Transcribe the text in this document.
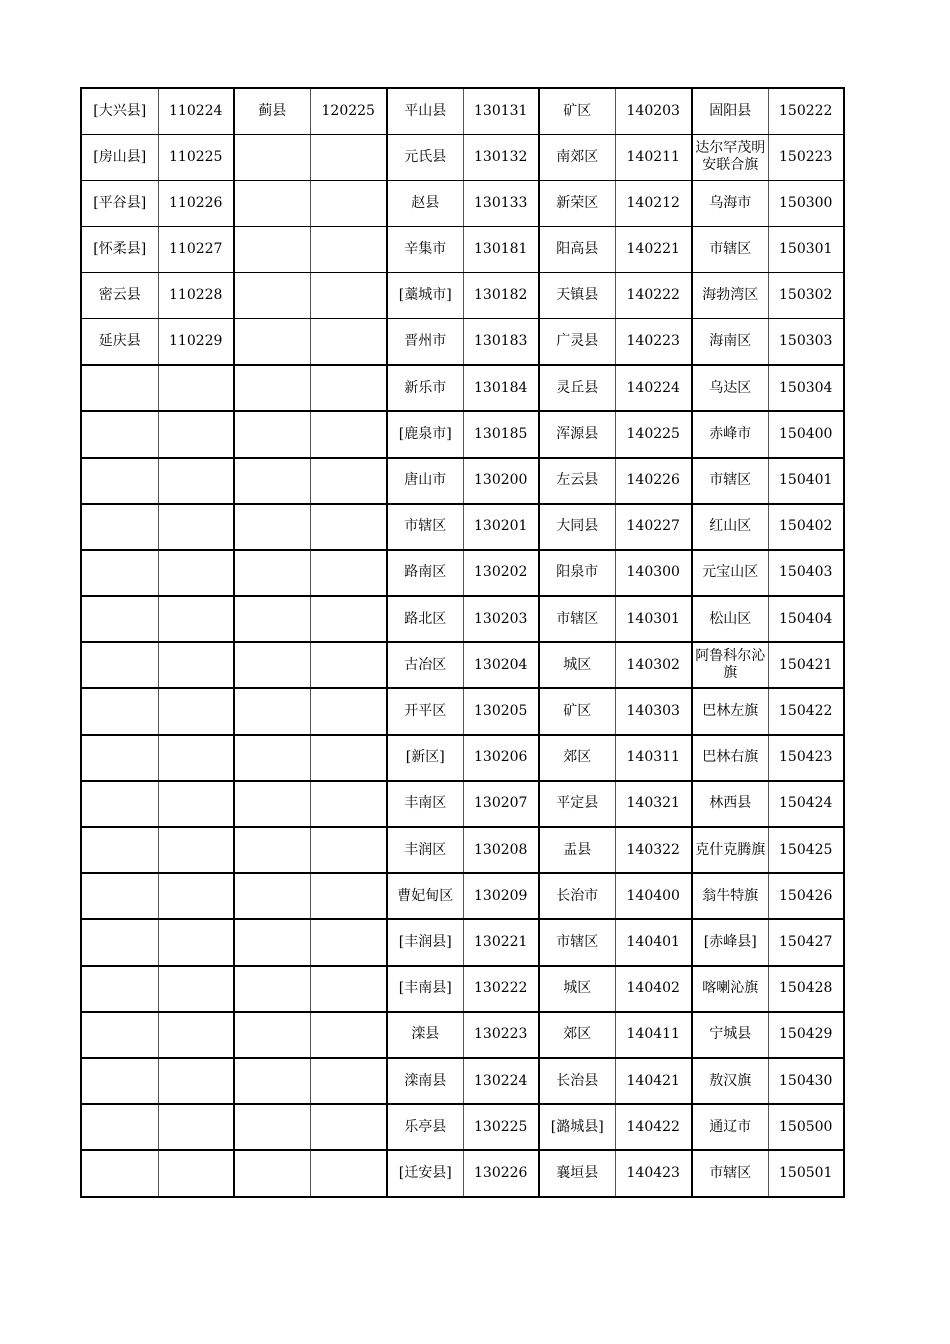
[大兴县]	110224	蓟县	120225	平山县	130131	矿区	140203	固阳县	150222
[房山县]	110225			元氏县	130132	南郊区	140211	达尔罕茂明安联合旗	150223
[平谷县]	110226			赵县	130133	新荣区	140212	乌海市	150300
[怀柔县]	110227			辛集市	130181	阳高县	140221	市辖区	150301
密云县	110228			[藁城市]	130182	天镇县	140222	海勃湾区	150302
延庆县	110229			晋州市	130183	广灵县	140223	海南区	150303
				新乐市	130184	灵丘县	140224	乌达区	150304
				[鹿泉市]	130185	浑源县	140225	赤峰市	150400
				唐山市	130200	左云县	140226	市辖区	150401
				市辖区	130201	大同县	140227	红山区	150402
				路南区	130202	阳泉市	140300	元宝山区	150403
				路北区	130203	市辖区	140301	松山区	150404
				古冶区	130204	城区	140302	阿鲁科尔沁旗	150421
				开平区	130205	矿区	140303	巴林左旗	150422
				[新区]	130206	郊区	140311	巴林右旗	150423
				丰南区	130207	平定县	140321	林西县	150424
				丰润区	130208	盂县	140322	克什克腾旗	150425
				曹妃甸区	130209	长治市	140400	翁牛特旗	150426
				[丰润县]	130221	市辖区	140401	[赤峰县]	150427
				[丰南县]	130222	城区	140402	喀喇沁旗	150428
				滦县	130223	郊区	140411	宁城县	150429
				滦南县	130224	长治县	140421	敖汉旗	150430
				乐亭县	130225	[潞城县]	140422	通辽市	150500
				[迁安县]	130226	襄垣县	140423	市辖区	150501
